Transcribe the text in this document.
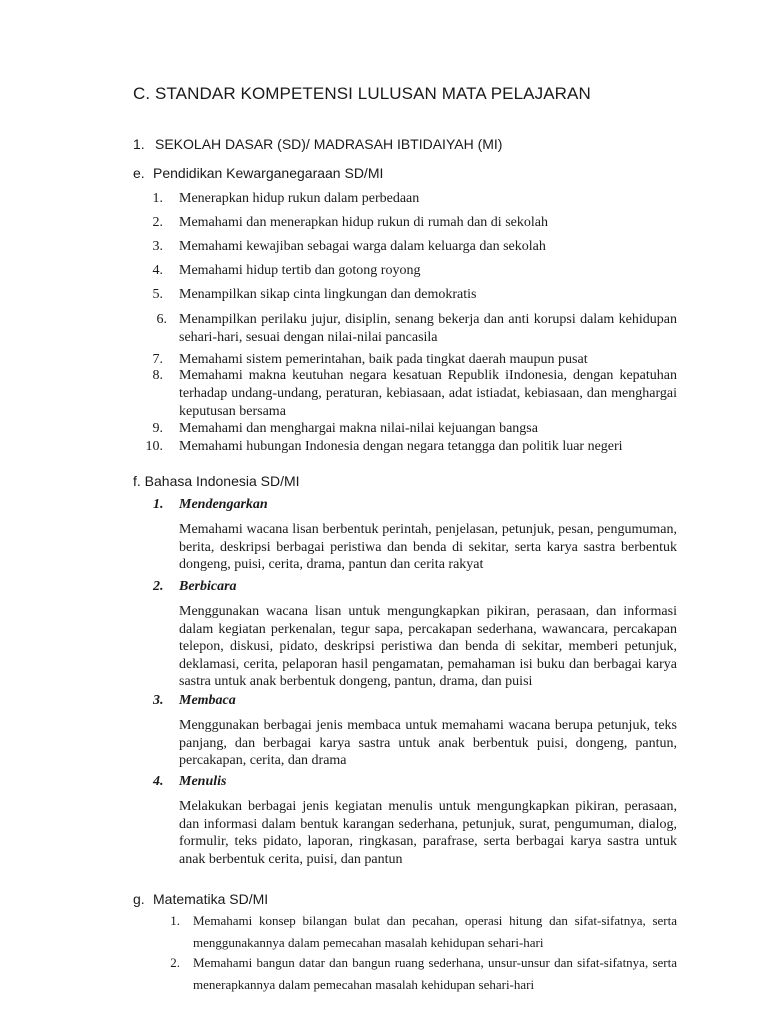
C. STANDAR KOMPETENSI LULUSAN MATA PELAJARAN
1. SEKOLAH DASAR (SD)/ MADRASAH IBTIDAIYAH (MI)
e. Pendidikan Kewarganegaraan SD/MI
1. Menerapkan hidup rukun dalam perbedaan
2. Memahami dan menerapkan hidup rukun di rumah dan di sekolah
3. Memahami kewajiban sebagai warga dalam keluarga dan sekolah
4. Memahami hidup tertib dan gotong royong
5. Menampilkan sikap cinta lingkungan dan demokratis
6. Menampilkan perilaku jujur, disiplin, senang bekerja dan anti korupsi dalam kehidupan sehari-hari, sesuai dengan nilai-nilai pancasila
7. Memahami sistem pemerintahan, baik pada tingkat daerah maupun pusat
8. Memahami makna keutuhan negara kesatuan Republik iIndonesia, dengan kepatuhan terhadap undang-undang, peraturan, kebiasaan, adat istiadat, kebiasaan, dan menghargai keputusan bersama
9. Memahami dan menghargai makna nilai-nilai kejuangan bangsa
10. Memahami hubungan Indonesia dengan negara tetangga dan politik luar negeri
f. Bahasa Indonesia SD/MI
1. Mendengarkan
Memahami wacana lisan berbentuk perintah, penjelasan, petunjuk, pesan, pengumuman, berita, deskripsi berbagai peristiwa dan benda di sekitar, serta karya sastra berbentuk dongeng, puisi, cerita, drama, pantun dan cerita rakyat
2. Berbicara
Menggunakan wacana lisan untuk mengungkapkan pikiran, perasaan, dan informasi dalam kegiatan perkenalan, tegur sapa, percakapan sederhana, wawancara, percakapan telepon, diskusi, pidato, deskripsi peristiwa dan benda di sekitar, memberi petunjuk, deklamasi, cerita, pelaporan hasil pengamatan, pemahaman isi buku dan berbagai karya sastra untuk anak berbentuk dongeng, pantun, drama, dan puisi
3. Membaca
Menggunakan berbagai jenis membaca untuk memahami wacana berupa petunjuk, teks panjang, dan berbagai karya sastra untuk anak berbentuk puisi, dongeng, pantun, percakapan, cerita, dan drama
4. Menulis
Melakukan berbagai jenis kegiatan menulis untuk mengungkapkan pikiran, perasaan, dan informasi dalam bentuk karangan sederhana, petunjuk, surat, pengumuman, dialog, formulir, teks pidato, laporan, ringkasan, parafrase, serta berbagai karya sastra untuk anak berbentuk cerita, puisi, dan pantun
g. Matematika SD/MI
1. Memahami konsep bilangan bulat dan pecahan, operasi hitung dan sifat-sifatnya, serta menggunakannya dalam pemecahan masalah kehidupan sehari-hari
2. Memahami bangun datar dan bangun ruang sederhana, unsur-unsur dan sifat-sifatnya, serta menerapkannya dalam pemecahan masalah kehidupan sehari-hari
